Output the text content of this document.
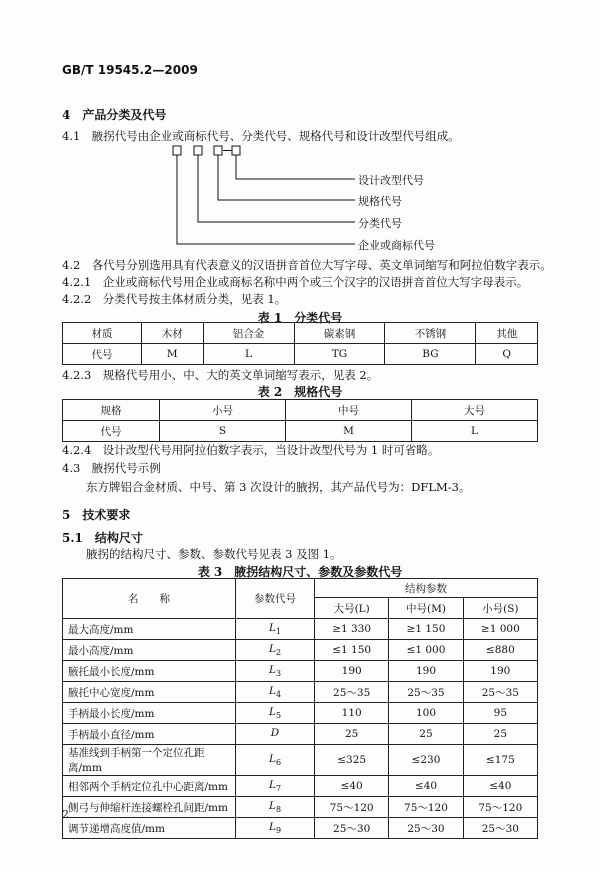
GB/T 19545.2—2009
4　产品分类及代号
4.1　腋拐代号由企业或商标代号、分类代号、规格代号和设计改型代号组成。
设计改型代号
规格代号
分类代号
企业或商标代号
4.2　各代号分别选用具有代表意义的汉语拼音首位大写字母、英文单词缩写和阿拉伯数字表示。
4.2.1　企业或商标代号用企业或商标名称中两个或三个汉字的汉语拼音首位大写字母表示。
4.2.2　分类代号按主体材质分类，见表 1。
表 1　分类代号
材质	木材	铝合金	碳素钢	不锈钢	其他
代号	M	L	TG	BG	Q
4.2.3　规格代号用小、中、大的英文单词缩写表示，见表 2。
表 2　规格代号
规格	小号	中号	大号
代号	S	M	L
4.2.4　设计改型代号用阿拉伯数字表示，当设计改型代号为 1 时可省略。
4.3　腋拐代号示例
东方牌铝合金材质、中号、第 3 次设计的腋拐，其产品代号为：DFLM-3。
5　技术要求
5.1　结构尺寸
腋拐的结构尺寸、参数、参数代号见表 3 及图 1。
表 3　腋拐结构尺寸、参数及参数代号
名　　称	参数代号	结构参数		
		大号(L)	中号(M)	小号(S)
最大高度/mm	$L_1$	≥1 330	≥1 150	≥1 000
最小高度/mm	$L_2$	≤1 150	≤1 000	≤880
腋托最小长度/mm	$L_3$	190	190	190
腋托中心宽度/mm	$L_4$	25～35	25～35	25～35
手柄最小长度/mm	$L_5$	110	100	95
手柄最小直径/mm	D	25	25	25
基准线到手柄第一个定位孔距离/mm	$L_6$	≤325	≤230	≤175
相邻两个手柄定位孔中心距离/mm	$L_7$	≤40	≤40	≤40
侧弓与伸缩杆连接螺栓孔间距/mm	$L_8$	75～120	75～120	75～120
调节递增高度值/mm	$L_9$	25～30	25～30	25～30
2
